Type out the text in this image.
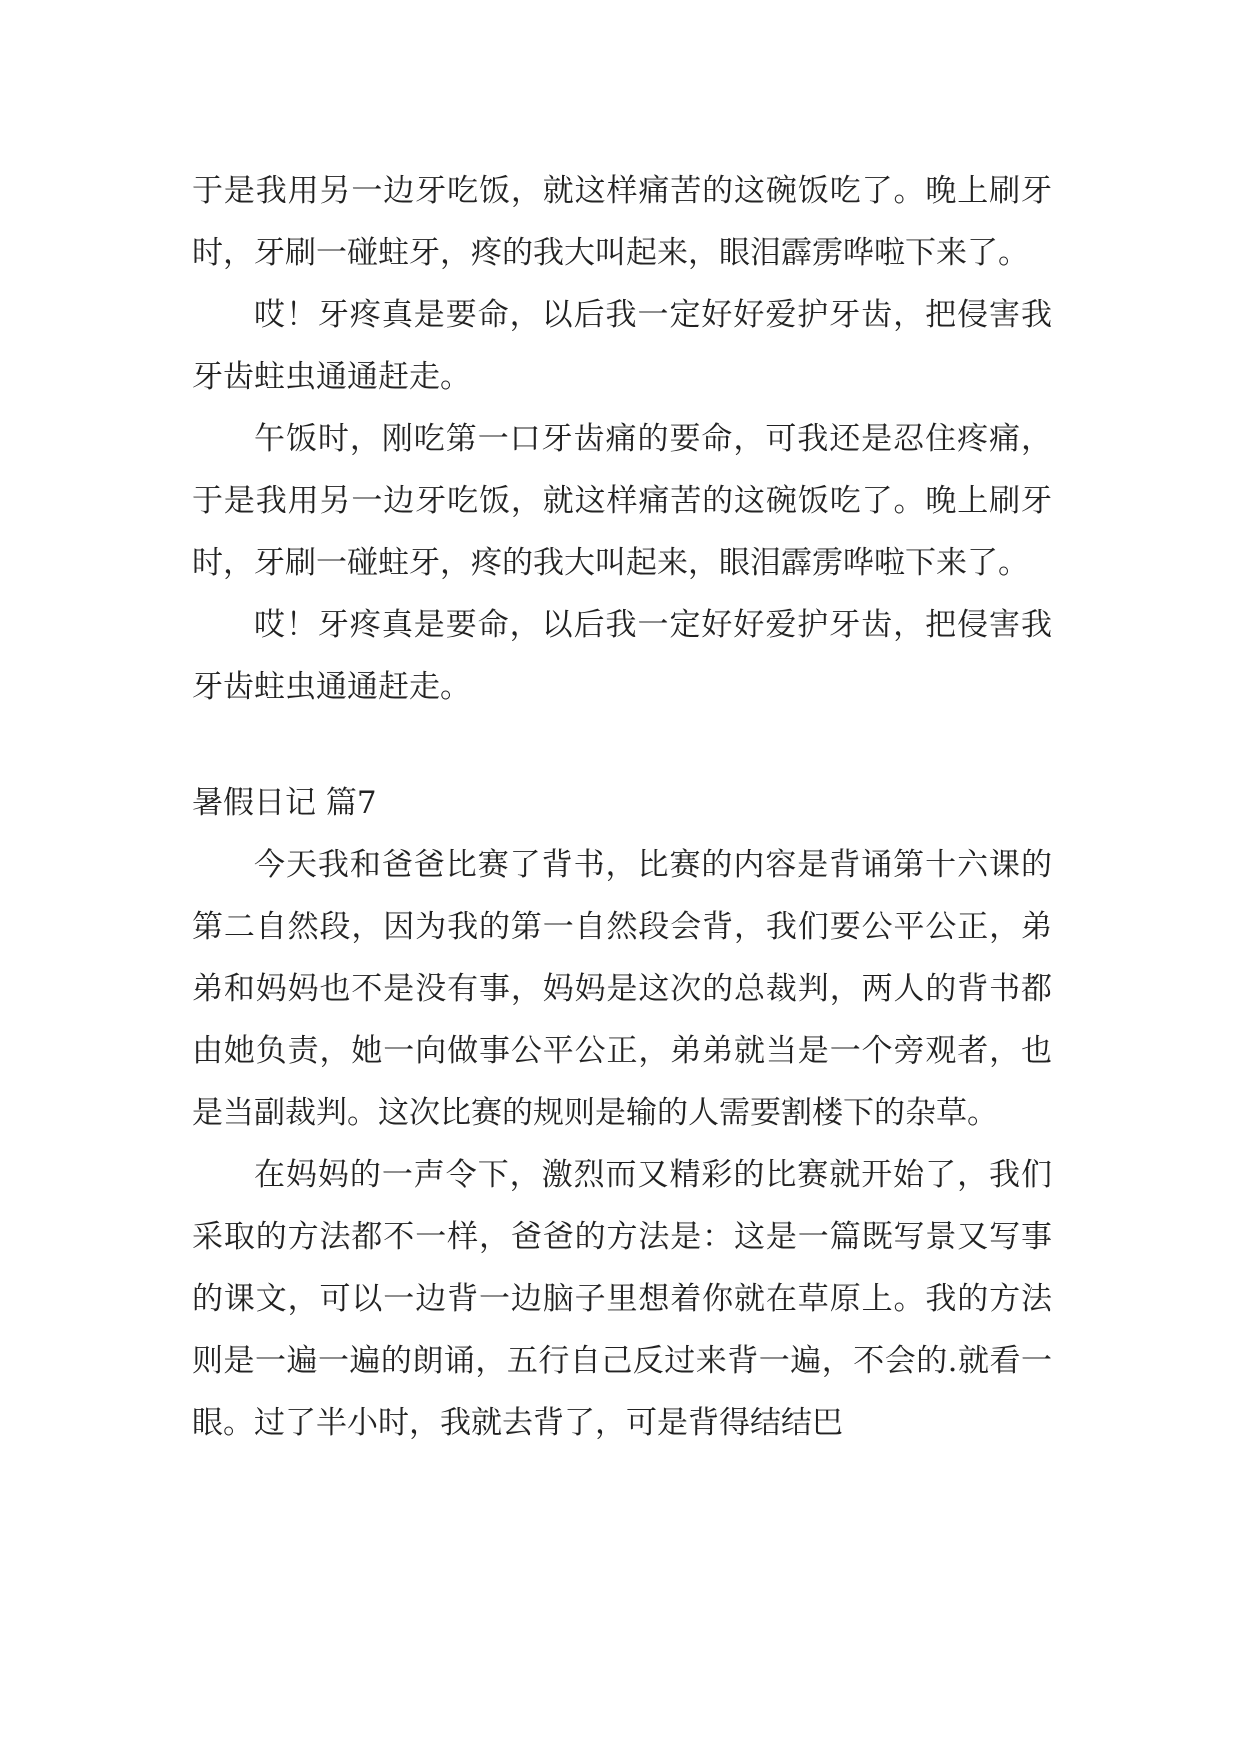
于是我用另一边牙吃饭，就这样痛苦的这碗饭吃了。晚上刷牙时，牙刷一碰蛀牙，疼的我大叫起来，眼泪霹雳哗啦下来了。

哎！牙疼真是要命，以后我一定好好爱护牙齿，把侵害我牙齿蛀虫通通赶走。

午饭时，刚吃第一口牙齿痛的要命，可我还是忍住疼痛，于是我用另一边牙吃饭，就这样痛苦的这碗饭吃了。晚上刷牙时，牙刷一碰蛀牙，疼的我大叫起来，眼泪霹雳哗啦下来了。

哎！牙疼真是要命，以后我一定好好爱护牙齿，把侵害我牙齿蛀虫通通赶走。

暑假日记 篇7

今天我和爸爸比赛了背书，比赛的内容是背诵第十六课的第二自然段，因为我的第一自然段会背，我们要公平公正，弟弟和妈妈也不是没有事，妈妈是这次的总裁判，两人的背书都由她负责，她一向做事公平公正，弟弟就当是一个旁观者，也是当副裁判。这次比赛的规则是输的人需要割楼下的杂草。

在妈妈的一声令下，激烈而又精彩的比赛就开始了，我们采取的方法都不一样，爸爸的方法是：这是一篇既写景又写事的课文，可以一边背一边脑子里想着你就在草原上。我的方法则是一遍一遍的朗诵，五行自己反过来背一遍，不会的.就看一眼。过了半小时，我就去背了，可是背得结结巴
